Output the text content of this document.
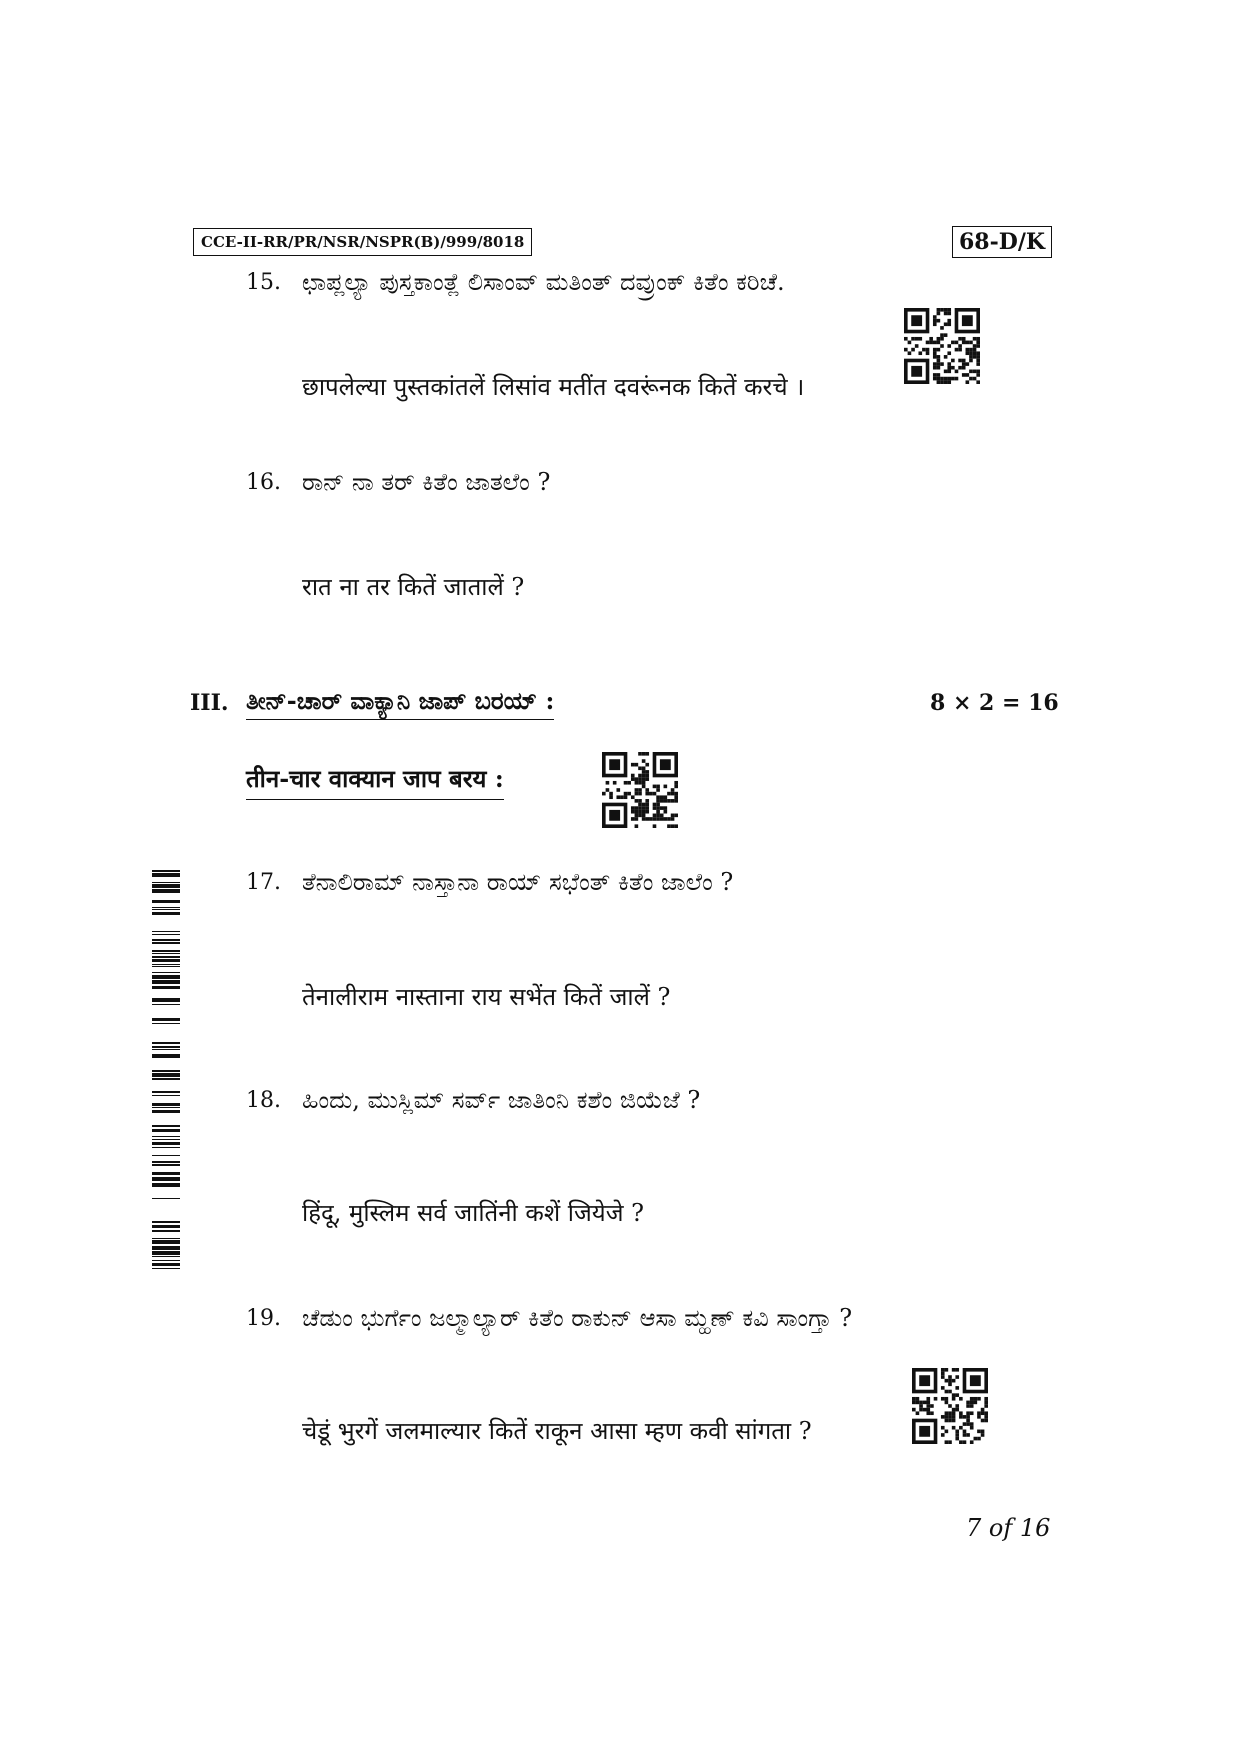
CCE-II-RR/PR/NSR/NSPR(B)/999/8018	68-D/K
15. ಛಾಪ್ಲಲ್ಯಾ ಪುಸ್ತಕಾಂತ್ಲೆ ಲಿಸಾಂವ್ ಮತಿಂತ್ ದವ್ರುಂಕ್ ಕಿತೆಂ ಕರಿಚೆ.
छापलेल्या पुस्तकांतलें लिसांव मतींत दवरूंनक कितें करचे ।
16. ರಾನ್ ನಾ ತರ್ ಕಿತೆಂ ಜಾತಲೆಂ ?
रात ना तर कितें जातालें ?
III. ತೀನ್-ಚಾರ್ ವಾಕ್ಯಾನಿ ಜಾಪ್ ಬರಯ್ :	8 × 2 = 16
तीन-चार वाक्यान जाप बरय :
17. ತೆನಾಲಿರಾಮ್ ನಾಸ್ತಾನಾ ರಾಯ್ ಸಭೆಂತ್ ಕಿತೆಂ ಜಾಲೆಂ ?
तेनालीराम नास्ताना राय सभेंत कितें जालें ?
18. ಹಿಂದು, ಮುಸ್ಲಿಮ್ ಸರ್ವ್ ಜಾತಿಂನಿ ಕಶೆಂ ಜಿಯೆಜೆ ?
हिंदू, मुस्लिम सर्व जातिंनी कशें जियेजे ?
19. ಚೆಡುಂ ಭುರ್ಗೆಂ ಜಲ್ಮಾಲ್ಯಾರ್ ಕಿತೆಂ ರಾಕುನ್ ಆಸಾ ಮ್ಹಣ್ ಕವಿ ಸಾಂಗ್ತಾ ?
चेडूं भुरगें जलमाल्यार कितें राकून आसा म्हण कवी सांगता ?
7 of 16
